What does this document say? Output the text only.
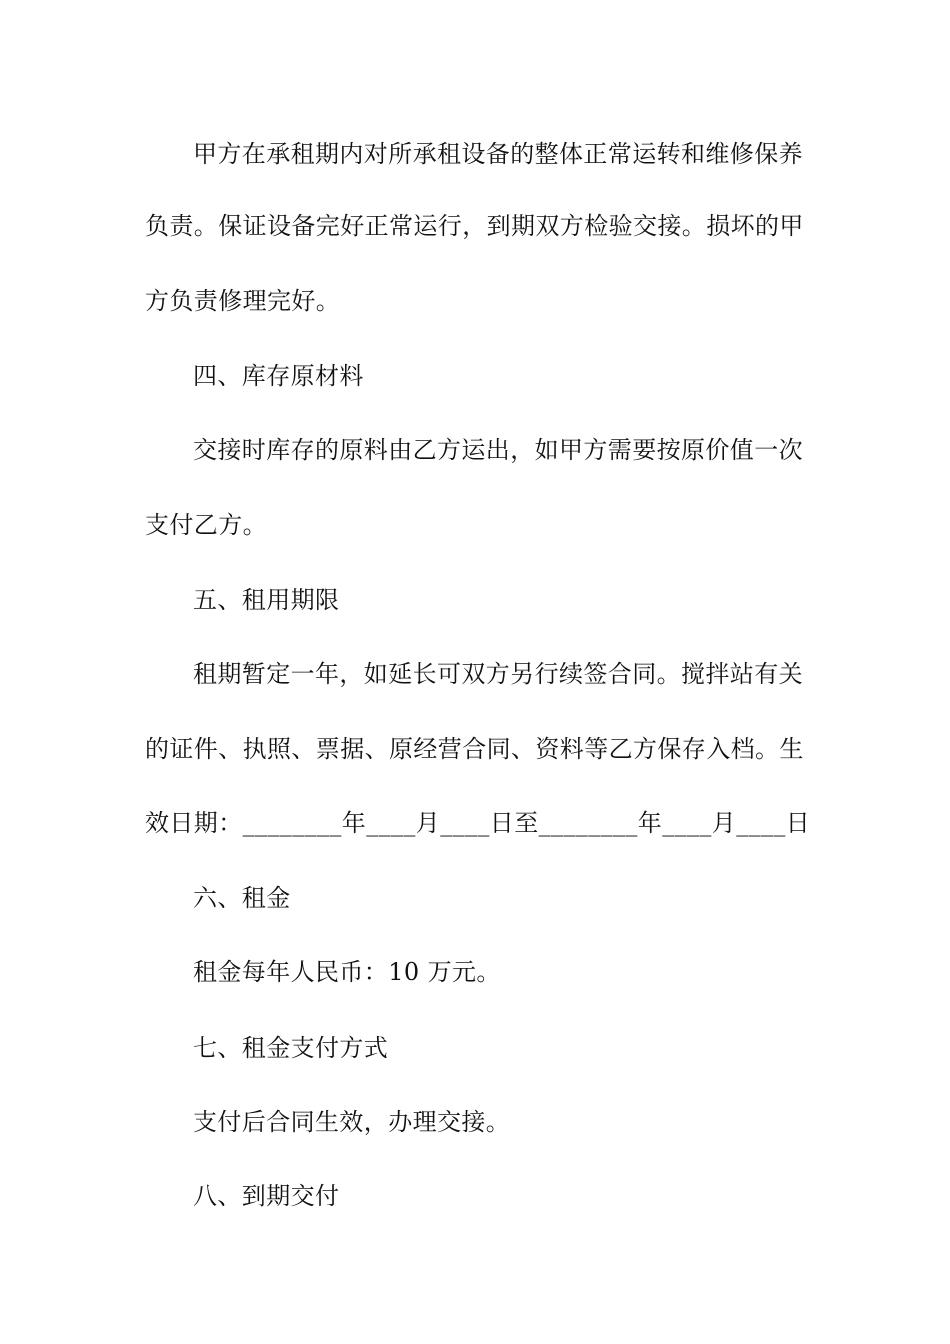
甲方在承租期内对所承租设备的整体正常运转和维修保养
负责。保证设备完好正常运行，到期双方检验交接。损坏的甲
方负责修理完好。
四、库存原材料
交接时库存的原料由乙方运出，如甲方需要按原价值一次
支付乙方。
五、租用期限
租期暂定一年，如延长可双方另行续签合同。搅拌站有关
的证件、执照、票据、原经营合同、资料等乙方保存入档。生
效日期：________年____月____日至________年____月____日
六、租金
租金每年人民币：10 万元。
七、租金支付方式
支付后合同生效，办理交接。
八、到期交付
